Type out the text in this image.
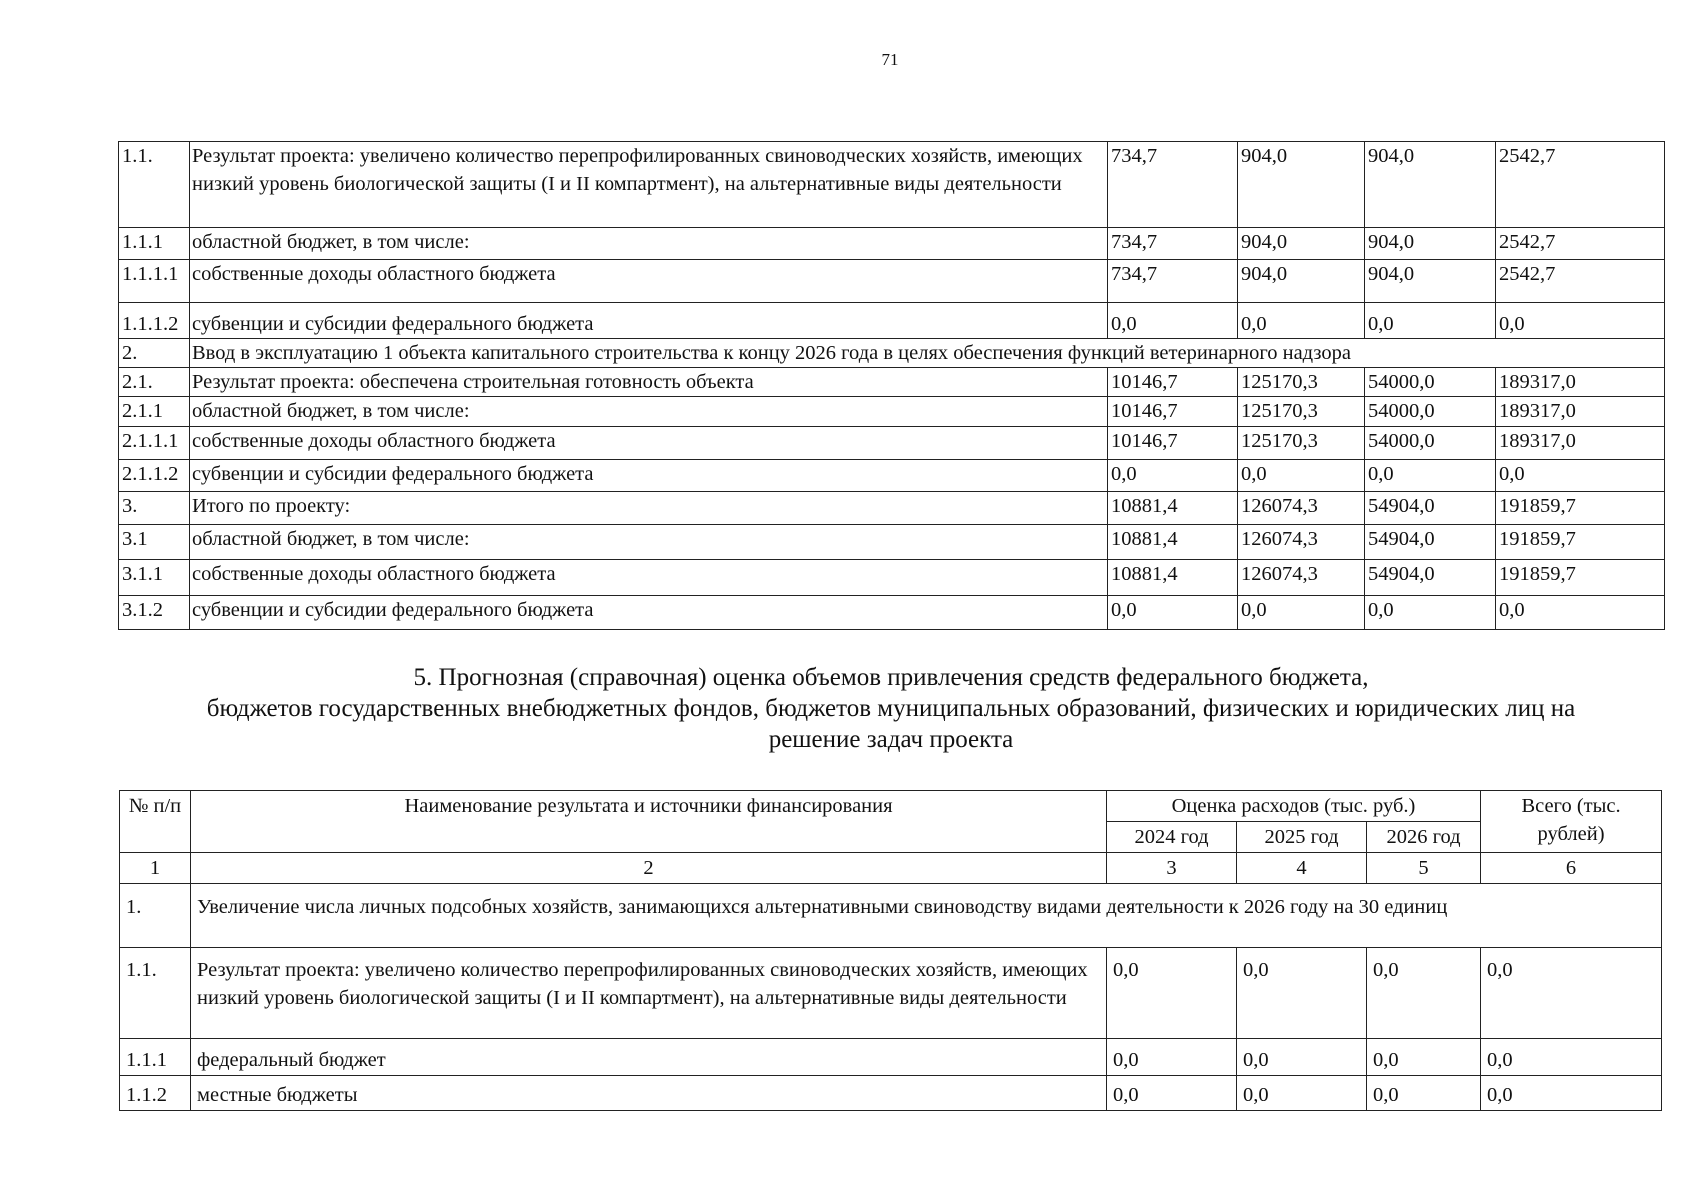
71
1.1.	Результат проекта: увеличено количество перепрофилированных свиноводческих хозяйств, имеющих низкий уровень биологической защиты (I и II компартмент), на альтернативные виды деятельности	734,7	904,0	904,0	2542,7
1.1.1	областной бюджет, в том числе:	734,7	904,0	904,0	2542,7
1.1.1.1	собственные доходы областного бюджета	734,7	904,0	904,0	2542,7
1.1.1.2	субвенции и субсидии федерального бюджета	0,0	0,0	0,0	0,0
2.	Ввод в эксплуатацию 1 объекта капитального строительства к концу 2026 года в целях обеспечения функций ветеринарного надзора				
2.1.	Результат проекта: обеспечена строительная готовность объекта	10146,7	125170,3	54000,0	189317,0
2.1.1	областной бюджет, в том числе:	10146,7	125170,3	54000,0	189317,0
2.1.1.1	собственные доходы областного бюджета	10146,7	125170,3	54000,0	189317,0
2.1.1.2	субвенции и субсидии федерального бюджета	0,0	0,0	0,0	0,0
3.	Итого по проекту:	10881,4	126074,3	54904,0	191859,7
3.1	областной бюджет, в том числе:	10881,4	126074,3	54904,0	191859,7
3.1.1	собственные доходы областного бюджета	10881,4	126074,3	54904,0	191859,7
3.1.2	субвенции и субсидии федерального бюджета	0,0	0,0	0,0	0,0
5. Прогнозная (справочная) оценка объемов привлечения средств федерального бюджета,
бюджетов государственных внебюджетных фондов, бюджетов муниципальных образований, физических и юридических лиц на
решение задач проекта
№ п/п	Наименование результата и источники финансирования	Оценка расходов (тыс. руб.)			Всего (тыс. рублей)
		2024 год	2025 год	2026 год	
1	2	3	4	5	6
1.	Увеличение числа личных подсобных хозяйств, занимающихся альтернативными свиноводству видами деятельности к 2026 году на 30 единиц				
1.1.	Результат проекта: увеличено количество перепрофилированных свиноводческих хозяйств, имеющих низкий уровень биологической защиты (I и II компартмент), на альтернативные виды деятельности	0,0	0,0	0,0	0,0
1.1.1	федеральный бюджет	0,0	0,0	0,0	0,0
1.1.2	местные бюджеты	0,0	0,0	0,0	0,0
